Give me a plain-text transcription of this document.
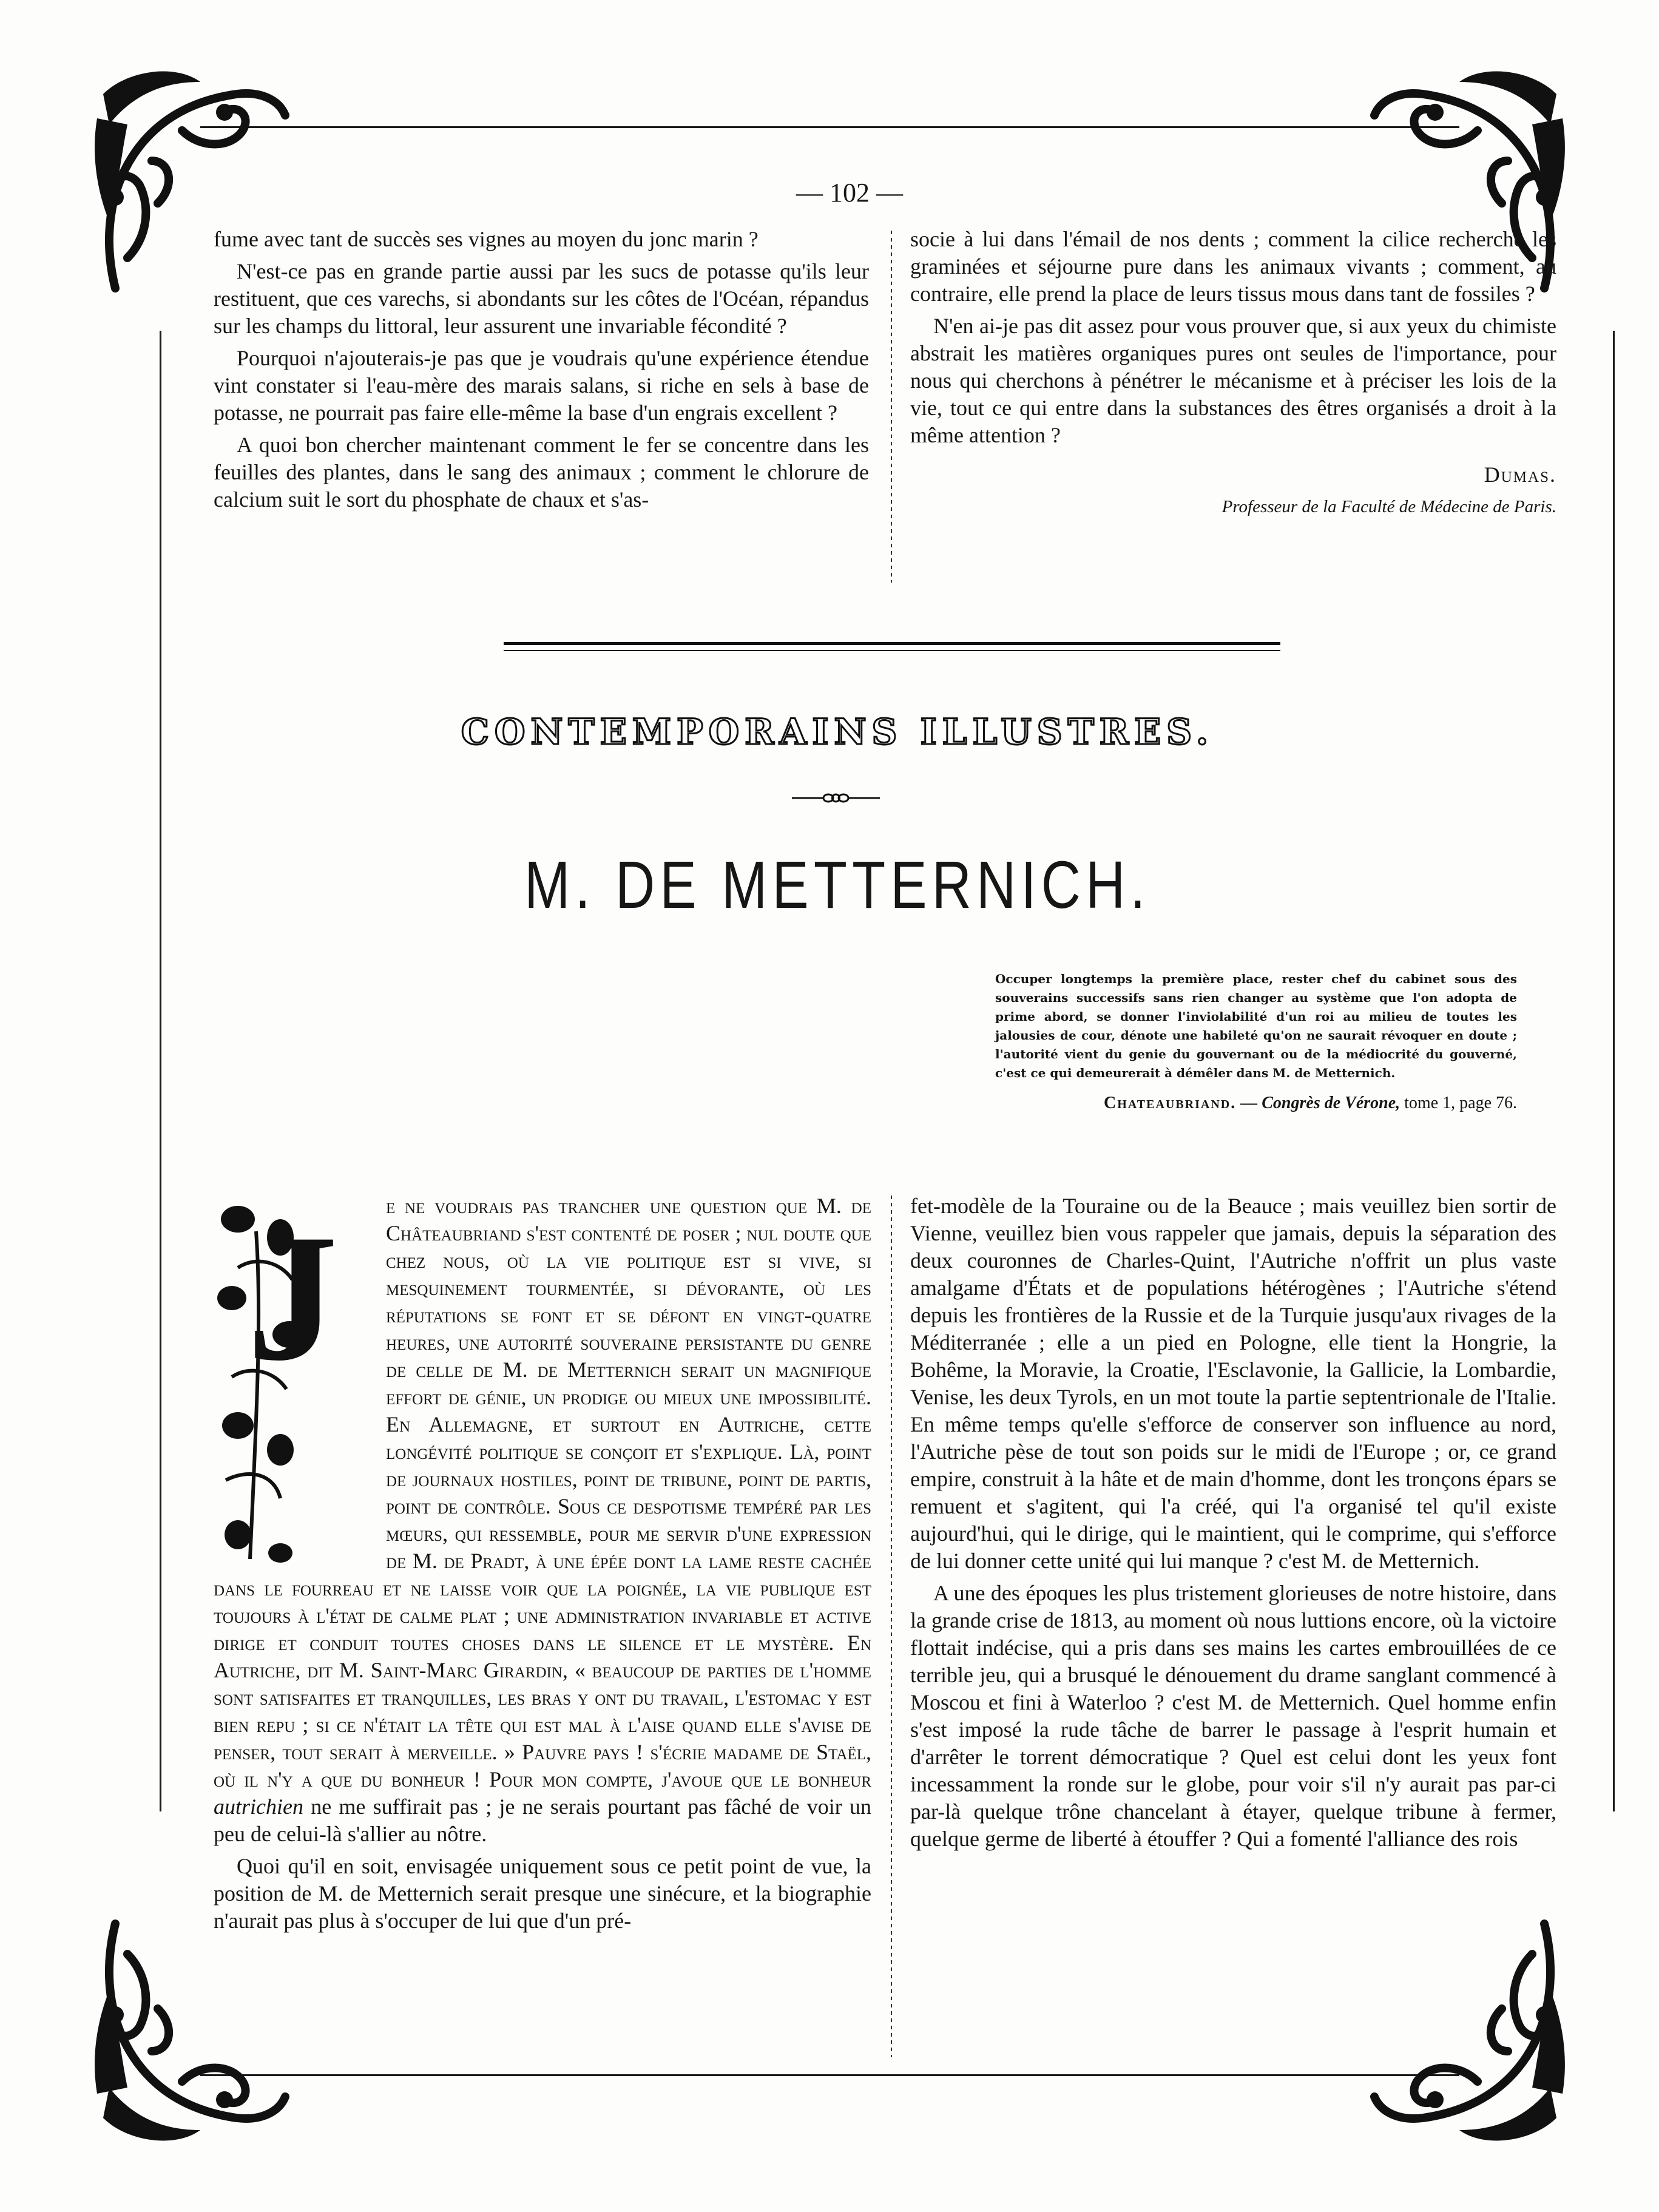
— 102 —

fume avec tant de succès ses vignes au moyen du jonc marin ?

N'est-ce pas en grande partie aussi par les sucs de potasse qu'ils leur restituent, que ces varechs, si abondants sur les côtes de l'Océan, répandus sur les champs du littoral, leur assurent une invariable fécondité ?

Pourquoi n'ajouterais-je pas que je voudrais qu'une expérience étendue vint constater si l'eau-mère des marais salans, si riche en sels à base de potasse, ne pourrait pas faire elle-même la base d'un engrais excellent ?

A quoi bon chercher maintenant comment le fer se concentre dans les feuilles des plantes, dans le sang des animaux ; comment le chlorure de calcium suit le sort du phosphate de chaux et s'as-

socie à lui dans l'émail de nos dents ; comment la cilice recherche les graminées et séjourne pure dans les animaux vivants ; comment, au contraire, elle prend la place de leurs tissus mous dans tant de fossiles ?

N'en ai-je pas dit assez pour vous prouver que, si aux yeux du chimiste abstrait les matières organiques pures ont seules de l'importance, pour nous qui cherchons à pénétrer le mécanisme et à préciser les lois de la vie, tout ce qui entre dans la substances des êtres organisés a droit à la même attention ?

Dumas.
Professeur de la Faculté de Médecine de Paris.
CONTEMPORAINS ILLUSTRES.
M. DE METTERNICH.
Occuper longtemps la première place, rester chef du cabinet sous des souverains successifs sans rien changer au système que l'on adopta de prime abord, se donner l'inviolabilité d'un roi au milieu de toutes les jalousies de cour, dénote une habileté qu'on ne saurait révoquer en doute ; l'autorité vient du genie du gouvernant ou de la médiocrité du gouverné, c'est ce qui demeurerait à démêler dans M. de Metternich.
Chateaubriand. — Congrès de Vérone, tome 1, page 76.
J	e ne voudrais pas trancher une question que M. de Châteaubriand s'est contenté de poser ; nul doute que chez nous, où la vie politique est si vive, si mesquinement tourmentée, si dévorante, où les réputations se font et se défont en vingt-quatre heures, une autorité souveraine persistante du genre de celle de M. de Metternich serait un magnifique effort de génie, un prodige ou mieux une impossibilité. En Allemagne, et surtout en Autriche, cette longévité politique se conçoit et s'explique. Là, point de journaux hostiles, point de tribune, point de partis, point de contrôle. Sous ce despotisme tempéré par les mœurs, qui ressemble, pour me servir d'une expression de M. de Pradt, à une épée dont la lame reste cachée dans le fourreau et ne laisse voir que la poignée, la vie publique est toujours à l'état de calme plat ; une administration invariable et active dirige et conduit toutes choses dans le silence et le mystère. En Autriche, dit M. Saint-Marc Girardin, « beaucoup de parties de l'homme sont satisfaites et tranquilles, les bras y ont du travail, l'estomac y est bien repu ; si ce n'était la tête qui est mal à l'aise quand elle s'avise de penser, tout serait à merveille. » Pauvre pays ! s'écrie madame de Staël, où il n'y a que du bonheur ! Pour mon compte, j'avoue que le bonheur autrichien ne me suffirait pas ; je ne serais pourtant pas fâché de voir un peu de celui-là s'allier au nôtre.

Quoi qu'il en soit, envisagée uniquement sous ce petit point de vue, la position de M. de Metternich serait presque une sinécure, et la biographie n'aurait pas plus à s'occuper de lui que d'un pré-

fet-modèle de la Touraine ou de la Beauce ; mais veuillez bien sortir de Vienne, veuillez bien vous rappeler que jamais, depuis la séparation des deux couronnes de Charles-Quint, l'Autriche n'offrit un plus vaste amalgame d'États et de populations hétérogènes ; l'Autriche s'étend depuis les frontières de la Russie et de la Turquie jusqu'aux rivages de la Méditerranée ; elle a un pied en Pologne, elle tient la Hongrie, la Bohême, la Moravie, la Croatie, l'Esclavonie, la Gallicie, la Lombardie, Venise, les deux Tyrols, en un mot toute la partie septentrionale de l'Italie. En même temps qu'elle s'efforce de conserver son influence au nord, l'Autriche pèse de tout son poids sur le midi de l'Europe ; or, ce grand empire, construit à la hâte et de main d'homme, dont les tronçons épars se remuent et s'agitent, qui l'a créé, qui l'a organisé tel qu'il existe aujourd'hui, qui le dirige, qui le maintient, qui le comprime, qui s'efforce de lui donner cette unité qui lui manque ? c'est M. de Metternich.

A une des époques les plus tristement glorieuses de notre histoire, dans la grande crise de 1813, au moment où nous luttions encore, où la victoire flottait indécise, qui a pris dans ses mains les cartes embrouillées de ce terrible jeu, qui a brusqué le dénouement du drame sanglant commencé à Moscou et fini à Waterloo ? c'est M. de Metternich. Quel homme enfin s'est imposé la rude tâche de barrer le passage à l'esprit humain et d'arrêter le torrent démocratique ? Quel est celui dont les yeux font incessamment la ronde sur le globe, pour voir s'il n'y aurait pas par-ci par-là quelque trône chancelant à étayer, quelque tribune à fermer, quelque germe de liberté à étouffer ? Qui a fomenté l'alliance des rois
